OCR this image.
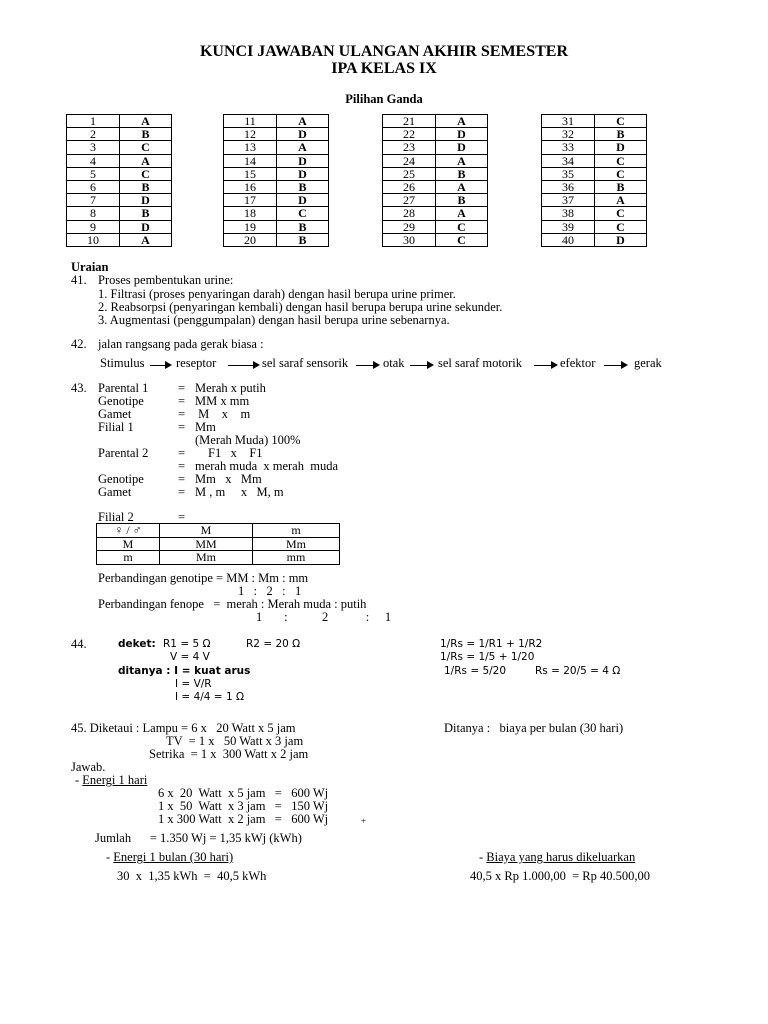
KUNCI JAWABAN ULANGAN AKHIR SEMESTER
IPA KELAS IX
Pilihan Ganda
1	A
2	B
3	C
4	A
5	C
6	B
7	D
8	B
9	D
10	A
11	A
12	D
13	A
14	D
15	D
16	B
17	D
18	C
19	B
20	B
21	A
22	D
23	D
24	A
25	B
26	A
27	B
28	A
29	C
30	C
31	C
32	B
33	D
34	C
35	C
36	B
37	A
38	C
39	C
40	D
Uraian
41. Proses pembentukan urine:
1. Filtrasi (proses penyaringan darah) dengan hasil berupa urine primer.
2. Reabsorpsi (penyaringan kembali) dengan hasil berupa berupa urine sekunder.
3. Augmentasi (penggumpalan) dengan hasil berupa urine sebenarnya.
42. jalan rangsang pada gerak biasa :
Stimulus	reseptor	sel saraf sensorik	otak	sel saraf motorik	efektor	gerak
43. Parental 1 = Merah x putih
Genotipe	= MM x mm
Gamet	= M    x    m
Filial 1	= Mm
(Merah Muda) 100%
Parental 2 = F1   x    F1
= merah muda  x merah  muda
Genotipe	= Mm   x   Mm
Gamet	= M , m     x   M, m
Filial 2	=
♀ / ♂	M	m
M	MM	Mm
m	Mm	mm
Perbandingan genotipe = MM : Mm : mm
1   :   2   :   1
Perbandingan fenope   =  merah : Merah muda : putih
1       :           2            :     1
44.	deket: R1 = 5 Ω	R2 = 20 Ω
V = 4 V
ditanya : I = kuat arus
I = V/R
I = 4/4 = 1 Ω
1/Rs = 1/R1 + 1/R2
1/Rs = 1/5 + 1/20
1/Rs = 5/20	Rs = 20/5 = 4 Ω
45. Diketaui : Lampu = 6 x   20 Watt x 5 jam
TV  = 1 x   50 Watt x 3 jam
Setrika  = 1 x  300 Watt x 2 jam
Ditanya :   biaya per bulan (30 hari)
Jawab.
- Energi 1 hari
6 x  20  Watt  x 5 jam   =   600 Wj
1 x  50  Watt  x 3 jam   =   150 Wj
1 x 300 Watt  x 2 jam   =   600 Wj	+
Jumlah      = 1.350 Wj = 1,35 kWj (kWh)
- Energi 1 bulan (30 hari)
30  x  1,35 kWh  =  40,5 kWh
- Biaya yang harus dikeluarkan
40,5 x Rp 1.000,00  = Rp 40.500,00
